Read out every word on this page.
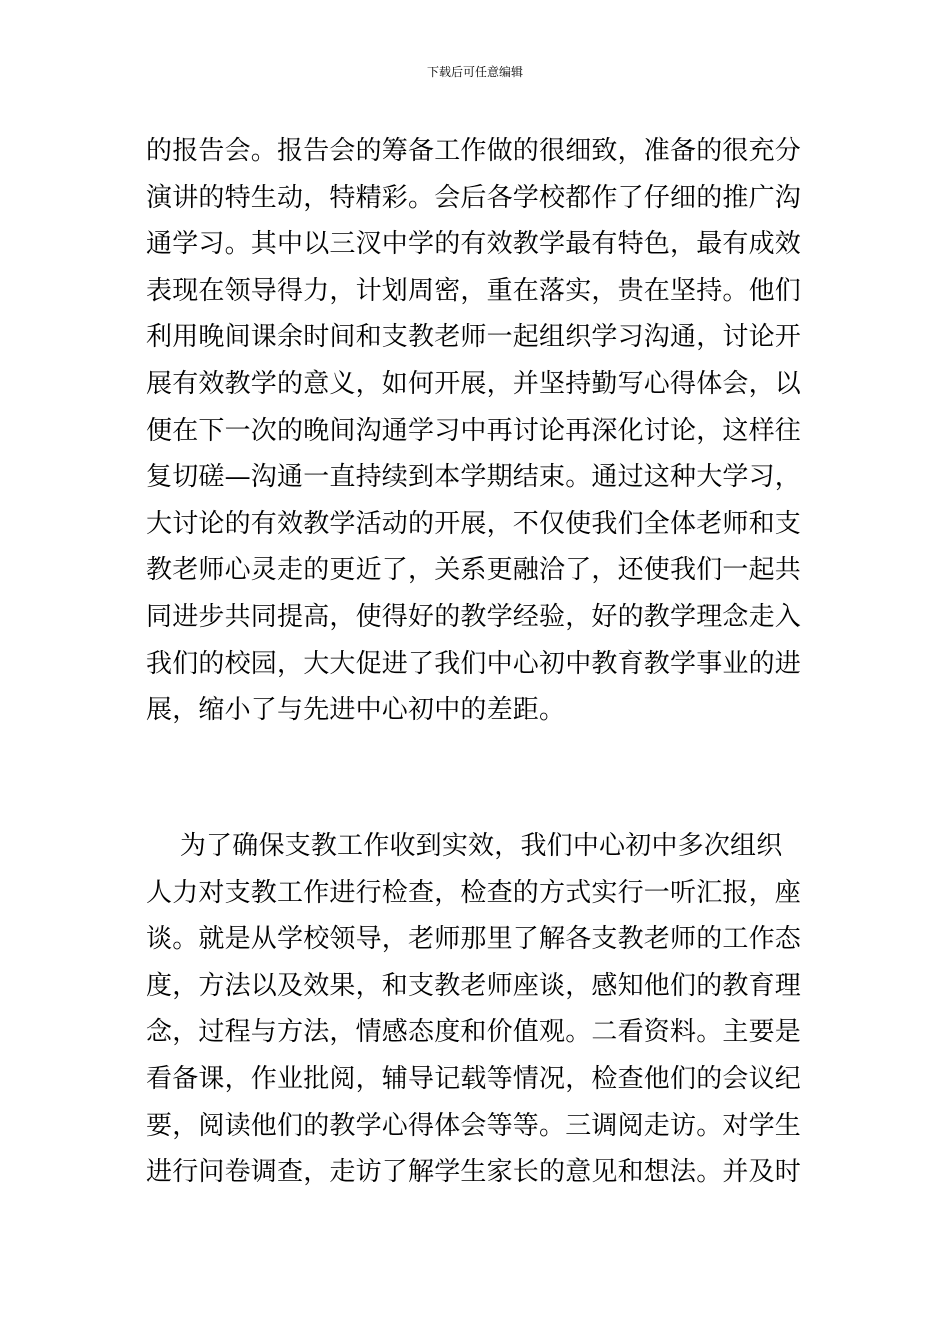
下载后可任意编辑
的报告会。报告会的筹备工作做的很细致，准备的很充分
演讲的特生动，特精彩。会后各学校都作了仔细的推广沟
通学习。其中以三汊中学的有效教学最有特色，最有成效
表现在领导得力，计划周密，重在落实，贵在坚持。他们
利用晚间课余时间和支教老师一起组织学习沟通，讨论开
展有效教学的意义，如何开展，并坚持勤写心得体会，以
便在下一次的晚间沟通学习中再讨论再深化讨论，这样往
复切磋—沟通一直持续到本学期结束。通过这种大学习，
大讨论的有效教学活动的开展，不仅使我们全体老师和支
教老师心灵走的更近了，关系更融洽了，还使我们一起共
同进步共同提高，使得好的教学经验，好的教学理念走入
我们的校园，大大促进了我们中心初中教育教学事业的进
展，缩小了与先进中心初中的差距。
为了确保支教工作收到实效，我们中心初中多次组织
人力对支教工作进行检查，检查的方式实行一听汇报，座
谈。就是从学校领导，老师那里了解各支教老师的工作态
度，方法以及效果，和支教老师座谈，感知他们的教育理
念，过程与方法，情感态度和价值观。二看资料。主要是
看备课，作业批阅，辅导记载等情况，检查他们的会议纪
要，阅读他们的教学心得体会等等。三调阅走访。对学生
进行问卷调查，走访了解学生家长的意见和想法。并及时
